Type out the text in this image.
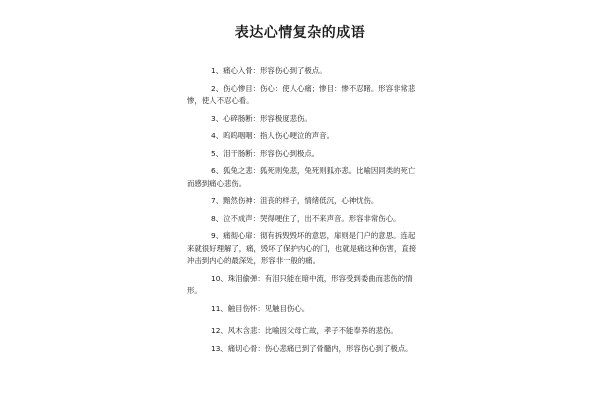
表达心情复杂的成语

1、痛心入骨：形容伤心到了极点。

2、伤心惨目：伤心：使人心痛；惨目：惨不忍睹。形容非常悲惨，使人不忍心看。

3、心碎肠断：形容极度悲伤。

4、呜呜咽咽：指人伤心哽泣的声音。

5、泪干肠断：形容伤心到极点。

6、狐兔之悲：狐死则兔悲，兔死则狐亦悲。比喻因同类的死亡而感到痛心悲伤。

7、黯然伤神：沮丧的样子，情绪低沉，心神忧伤。

8、泣不成声：哭得哽住了，出不来声音。形容非常伤心。

9、痛彻心扉：彻有拆毁毁坏的意思，扉则是门户的意思。连起来就很好理解了，痛，毁坏了保护内心的门，也就是痛这种伤害，直接冲击到内心的最深处，形容非一般的痛。

10、珠泪偷弹：有泪只能在暗中流，形容受到委曲而悲伤的情形。

11、触目伤怀：见触目伤心。

12、风木含悲：比喻因父母亡故，孝子不能奉养的悲伤。

13、痛切心骨：伤心悲痛已到了骨髓内，形容伤心到了极点。
